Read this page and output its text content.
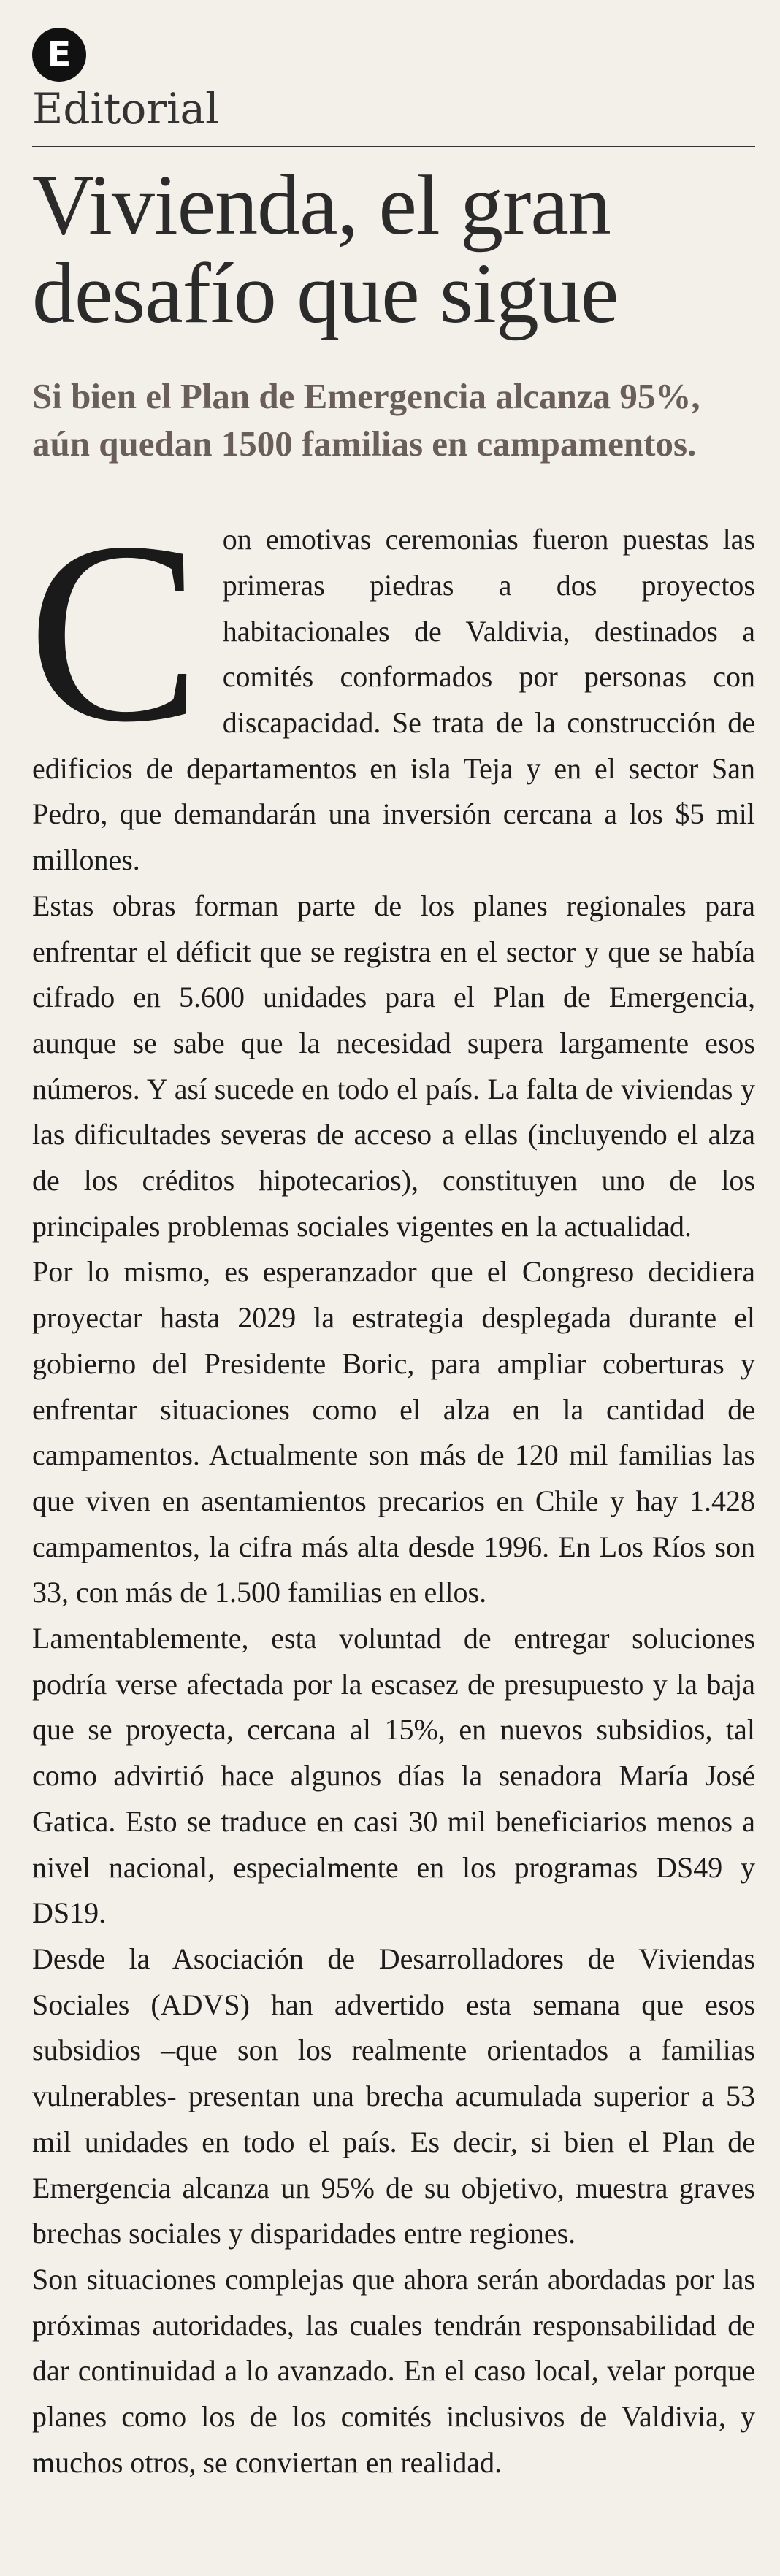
E
Editorial
Vivienda, el gran desafío que sigue
Si bien el Plan de Emergencia alcanza 95%, aún quedan 1500 familias en campamentos.
C on emotivas ceremonias fueron puestas las primeras piedras a dos proyectos habitacionales de Valdivia, destinados a comités conformados por personas con discapacidad. Se trata de la construcción de edificios de departamentos en isla Teja y en el sector San Pedro, que demandarán una inversión cercana a los $5 mil millones.

Estas obras forman parte de los planes regionales para enfrentar el déficit que se registra en el sector y que se había cifrado en 5.600 unidades para el Plan de Emergencia, aunque se sabe que la necesidad supera largamente esos números. Y así sucede en todo el país. La falta de viviendas y las dificultades severas de acceso a ellas (incluyendo el alza de los créditos hipotecarios), constituyen uno de los principales problemas sociales vigentes en la actualidad.

Por lo mismo, es esperanzador que el Congreso decidiera proyectar hasta 2029 la estrategia desplegada durante el gobierno del Presidente Boric, para ampliar coberturas y enfrentar situaciones como el alza en la cantidad de campamentos. Actualmente son más de 120 mil familias las que viven en asentamientos precarios en Chile y hay 1.428 campamentos, la cifra más alta desde 1996. En Los Ríos son 33, con más de 1.500 familias en ellos.

Lamentablemente, esta voluntad de entregar soluciones podría verse afectada por la escasez de presupuesto y la baja que se proyecta, cercana al 15%, en nuevos subsidios, tal como advirtió hace algunos días la senadora María José Gatica. Esto se traduce en casi 30 mil beneficiarios menos a nivel nacional, especialmente en los programas DS49 y DS19.

Desde la Asociación de Desarrolladores de Viviendas Sociales (ADVS) han advertido esta semana que esos subsidios –que son los realmente orientados a familias vulnerables- presentan una brecha acumulada superior a 53 mil unidades en todo el país. Es decir, si bien el Plan de Emergencia alcanza un 95% de su objetivo, muestra graves brechas sociales y disparidades entre regiones.

Son situaciones complejas que ahora serán abordadas por las próximas autoridades, las cuales tendrán responsabilidad de dar continuidad a lo avanzado. En el caso local, velar porque planes como los de los comités inclusivos de Valdivia, y muchos otros, se conviertan en realidad.
